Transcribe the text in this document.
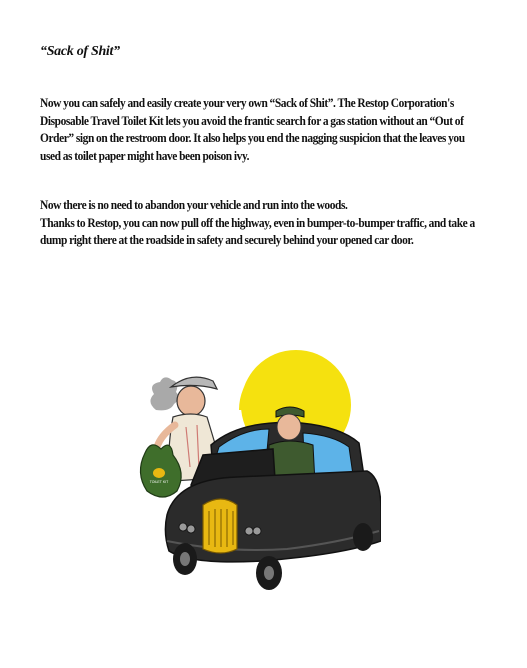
“Sack of Shit”
Now you can safely and easily create your very own “Sack of Shit”. The Restop Corporation's Disposable Travel Toilet Kit lets you avoid the frantic search for a gas station without an “Out of Order” sign on the restroom door. It also helps you end the nagging suspicion that the leaves you used as toilet paper might have been poison ivy.
Now there is no need to abandon your vehicle and run into the woods.
Thanks to Restop, you can now pull off the highway, even in bumper-to-bumper traffic, and take a dump right there at the roadside in safety and securely behind your opened car door.
TOILET KIT
